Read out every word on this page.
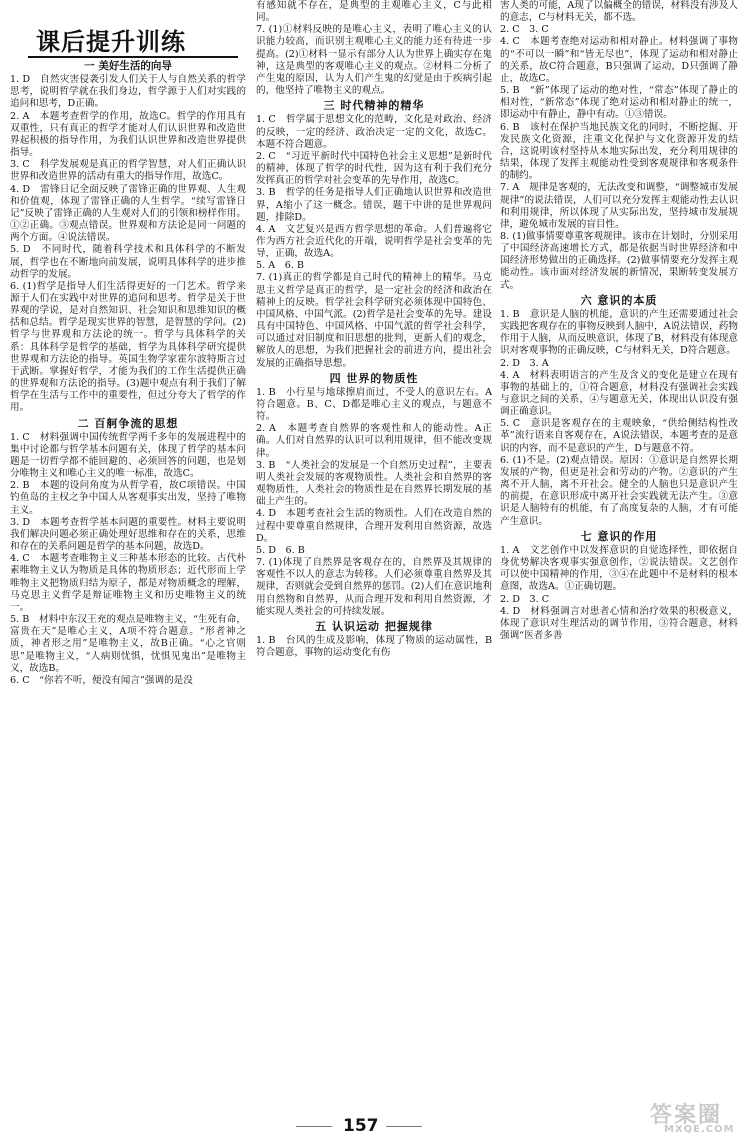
课后提升训练
一 美好生活的向导

1. D　自然灾害侵袭引发人们关于人与自然关系的哲学思考，说明哲学就在我们身边，哲学源于人们对实践的追问和思考，D正确。

2. A　本题考查哲学的作用，故选C。哲学的作用具有双重性，只有真正的哲学才能对人们认识世界和改造世界起积极的指导作用，为我们认识世界和改造世界提供指导。

3. C　科学发展观是真正的哲学智慧，对人们正确认识世界和改造世界的活动有重大的指导作用，故选C。

4. D　雷锋日记全面反映了雷锋正确的世界观、人生观和价值观，体现了雷锋正确的人生哲学。“续写雷锋日记”反映了雷锋正确的人生观对人们的引领和榜样作用。①②正确。③观点错误。世界观和方法论是同一问题的两个方面。④说法错误。

5. D　不同时代，随着科学技术和具体科学的不断发展，哲学也在不断地向前发展，说明具体科学的进步推动哲学的发展。

6. (1)哲学是指导人们生活得更好的一门艺术。哲学来源于人们在实践中对世界的追问和思考。哲学是关于世界观的学说，是对自然知识、社会知识和思维知识的概括和总结。哲学是现实世界的智慧，是智慧的学问。(2)哲学与世界观和方法论的统一。哲学与具体科学的关系：具体科学是哲学的基础，哲学为具体科学研究提供世界观和方法论的指导。英国生物学家霍尔波特斯言过于武断。掌握好哲学，才能为我们的工作生活提供正确的世界观和方法论的指导。(3)题中观点有利于我们了解哲学在生活与工作中的重要性，但过分夸大了哲学的作用。

二 百舸争流的思想

1. C　材料强调中国传统哲学两千多年的发展进程中的集中讨论都与哲学基本问题有关，体现了哲学的基本问题是一切哲学都不能回避的、必须回答的问题，也是划分唯物主义和唯心主义的唯一标准，故选C。

2. B　本题的设问角度为从哲学看，故C项错误。中国钓鱼岛的主权之争中国人从客观事实出发，坚持了唯物主义。

3. D　本题考查哲学基本问题的重要性。材料主要说明我们解决问题必须正确处理好思维和存在的关系，思维和存在的关系问题是哲学的基本问题，故选D。

4. C　本题考查唯物主义三种基本形态的比较。古代朴素唯物主义认为物质是具体的物质形态；近代形而上学唯物主义把物质归结为原子，都是对物质概念的理解，马克思主义哲学是辩证唯物主义和历史唯物主义的统一。

5. B　材料中东汉王充的观点是唯物主义，“生死有命，富贵在天”是唯心主义，A项不符合题意。“形者神之质，神者形之用”是唯物主义，故B正确。“心之官则思”是唯物主义，“人病则忧惧，忧惧见鬼出”是唯物主义，故选B。

6. C　“你若不听，便没有闻言”强调的是没

有感知就不存在，是典型的主观唯心主义，C与此相同。

7. (1)①材料反映的是唯心主义，表明了唯心主义的认识能力较高，而识别主观唯心主义的能力还有待进一步提高。(2)①材料一显示有部分人认为世界上确实存在鬼神，这是典型的客观唯心主义的观点。②材料二分析了产生鬼的原因，认为人们产生鬼的幻觉是由于疾病引起的，他坚持了唯物主义的观点。

三 时代精神的精华

1. C　哲学属于思想文化的范畴，文化是对政治、经济的反映，一定的经济、政治决定一定的文化，故选C。本题不符合题意。

2. C　“习近平新时代中国特色社会主义思想”是新时代的精神，体现了哲学的时代性，因为这有利于我们充分发挥真正的哲学对社会变革的先导作用，故选C。

3. B　哲学的任务是指导人们正确地认识世界和改造世界，A缩小了这一概念。错误，题干中讲的是世界观问题，排除D。

4. A　文艺复兴是西方哲学思想的革命。人们普遍将它作为西方社会近代化的开端，说明哲学是社会变革的先导，正确，故选A。

5. A　6. B

7. (1)真正的哲学都是自己时代的精神上的精华。马克思主义哲学是真正的哲学，是一定社会的经济和政治在精神上的反映。哲学社会科学研究必须体现中国特色、中国风格、中国气派。(2)哲学是社会变革的先导。建设具有中国特色、中国风格、中国气派的哲学社会科学，可以通过对旧制度和旧思想的批判，更新人们的观念，解放人的思想，为我们把握社会的前进方向，提出社会发展的正确指导思想。

四 世界的物质性

1. B　小行星与地球擦肩而过，不受人的意识左右。A符合题意。B、C、D都是唯心主义的观点，与题意不符。

2. A　本题考查自然界的客观性和人的能动性。A正确。人们对自然界的认识可以利用规律，但不能改变规律。

3. B　“人类社会的发展是一个自然历史过程”，主要表明人类社会发展的客观物质性。人类社会和自然界的客观物质性，人类社会的物质性是在自然界长期发展的基础上产生的。

4. D　本题考查社会生活的物质性。人们在改造自然的过程中要尊重自然规律，合理开发利用自然资源，故选D。

5. D　6. B

7. (1)体现了自然界是客观存在的，自然界及其规律的客观性不以人的意志为转移。人们必须尊重自然界及其规律，否则就会受到自然界的惩罚。(2)人们在意识地利用自然物和自然界，从而合理开发和利用自然资源，才能实现人类社会的可持续发展。

五 认识运动 把握规律

1. B　台风的生成及影响，体现了物质的运动属性，B符合题意，事物的运动变化有伤

害人类的可能，A现了以偏概全的错误，材料没有涉及人的意志，C与材料无关，都不选。

2. C　3. C

4. C　本题考查绝对运动和相对静止。材料强调了事物的“不可以一瞬”和“皆无尽也”，体现了运动和相对静止的关系，故C符合题意，B只强调了运动，D只强调了静止，故选C。

5. B　“新”体现了运动的绝对性，“常态”体现了静止的相对性，“新常态”体现了绝对运动和相对静止的统一，即运动中有静止，静中有动。①③错误。

6. B　该村在保护当地民族文化的同时，不断挖掘、开发民族文化资源，注重文化保护与文化资源开发的结合，这说明该村坚持从本地实际出发，充分利用规律的结果，体现了发挥主观能动性受到客观规律和客观条件的制约。

7. A　规律是客观的，无法改变和调整，“调整城市发展规律”的说法错误，人们可以充分发挥主观能动性去认识和利用规律，所以体现了从实际出发，坚持城市发展规律，避免城市发展的盲目性。

8. (1)做事情要尊重客观规律。该市在计划时，分别采用了中国经济高速增长方式，都是依据当时世界经济和中国经济形势做出的正确选择。(2)做事情要充分发挥主观能动性。该市面对经济发展的新情况，果断转变发展方式。

六 意识的本质

1. B　意识是人脑的机能，意识的产生还需要通过社会实践把客观存在的事物反映到人脑中，A说法错误，药物作用于人脑，从而反映意识，体现了B，材料没有体现意识对客观事物的正确反映，C与材料无关，D符合题意。

2. D　3. A

4. A　材料表明语言的产生及含义的变化是建立在现有事物的基础上的，①符合题意，材料没有强调社会实践与意识之间的关系，④与题意无关，体现出认识没有强调正确意识。

5. C　意识是客观存在的主观映象，“供给侧结构性改革”流行语来自客观存在，A说法错误，本题考查的是意识的内容，而不是意识的产生，D与题意不符。

6. (1)不是。(2)观点错误。原因：①意识是自然界长期发展的产物，但更是社会和劳动的产物。②意识的产生离不开人脑，离不开社会。健全的人脑也只是意识产生的前提，在意识形成中离开社会实践就无法产生。③意识是人脑特有的机能，有了高度复杂的人脑，才有可能产生意识。

七 意识的作用

1. A　文艺创作中以发挥意识的自觉选择性，即依据自身优势解决客观事实强意创作，②说法错误。文艺创作可以使中国精神的作用，③④在此题中不是材料的根本意图，故选A。①正确切题。

2. D　3. C

4. D　材料强调言对患者心情和治疗效果的积极意义，体现了意识对生理活动的调节作用，③符合题意，材料强调“医者多善

157	答案圈
MXQE.COM
